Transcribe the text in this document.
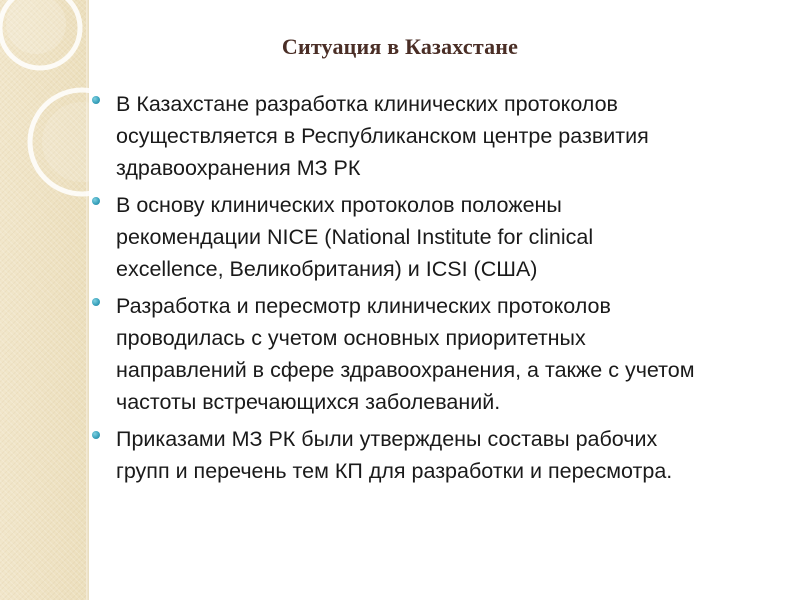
Ситуация в Казахстане
В Казахстане разработка клинических протоколов
осуществляется в Республиканском центре развития
здравоохранения МЗ РК
В основу клинических протоколов положены
рекомендации NICE (National Institute for clinical
excellence, Великобритания) и ICSI (США)
Разработка и пересмотр клинических протоколов
проводилась с учетом основных приоритетных
направлений в сфере здравоохранения, а также с учетом
частоты встречающихся заболеваний.
Приказами МЗ РК были утверждены составы рабочих
групп и перечень тем КП для разработки и пересмотра.
